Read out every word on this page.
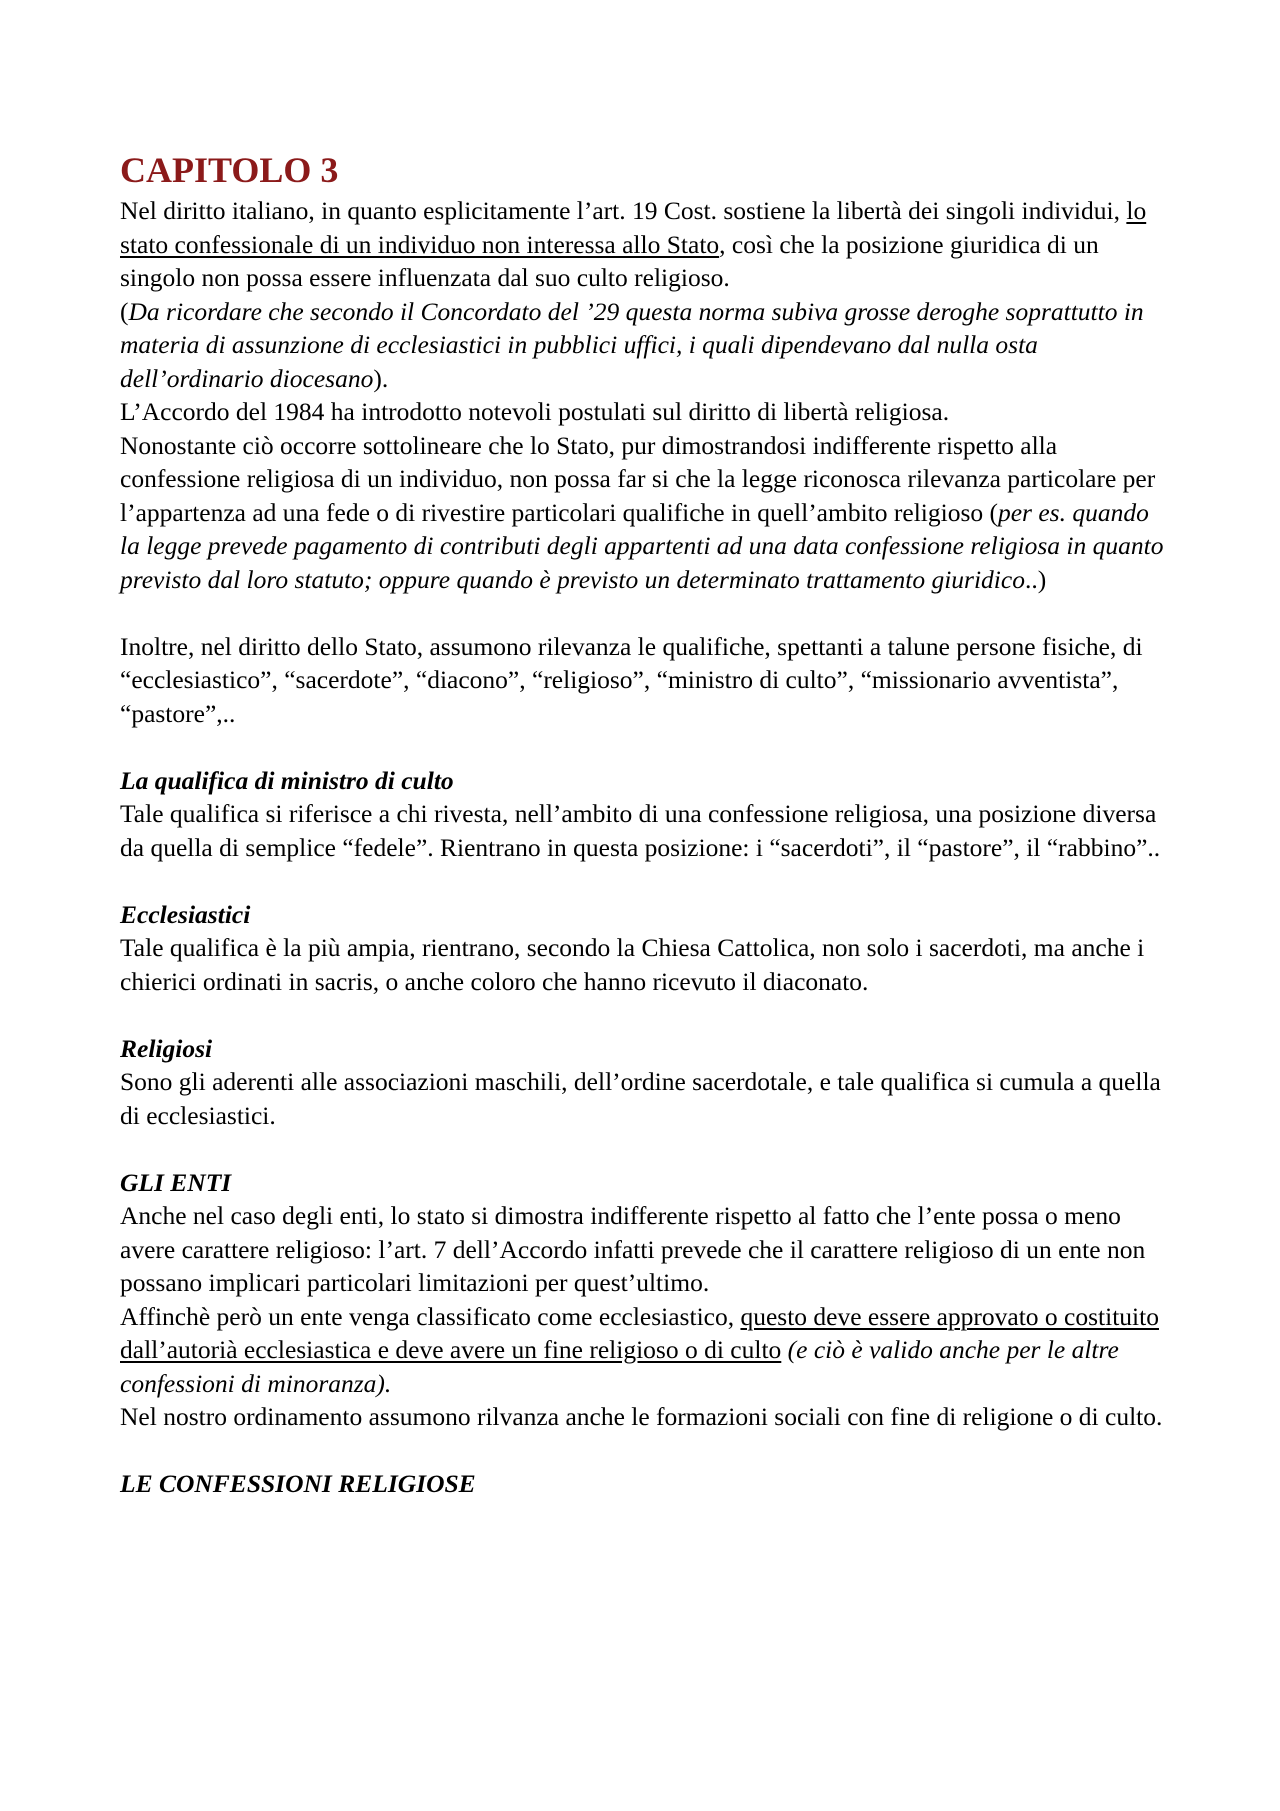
CAPITOLO 3

Nel diritto italiano, in quanto esplicitamente l’art. 19 Cost. sostiene la libertà dei singoli individui, lo stato confessionale di un individuo non interessa allo Stato, così che la posizione giuridica di un singolo non possa essere influenzata dal suo culto religioso.

(Da ricordare che secondo il Concordato del ’29 questa norma subiva grosse deroghe soprattutto in materia di assunzione di ecclesiastici in pubblici uffici, i quali dipendevano dal nulla osta dell’ordinario diocesano).

L’Accordo del 1984 ha introdotto notevoli postulati sul diritto di libertà religiosa.

Nonostante ciò occorre sottolineare che lo Stato, pur dimostrandosi indifferente rispetto alla confessione religiosa di un individuo, non possa far si che la legge riconosca rilevanza particolare per l’appartenza ad una fede o di rivestire particolari qualifiche in quell’ambito religioso (per es. quando la legge prevede pagamento di contributi degli appartenti ad una data confessione religiosa in quanto previsto dal loro statuto; oppure quando è previsto un determinato trattamento giuridico..)

Inoltre, nel diritto dello Stato, assumono rilevanza le qualifiche, spettanti a talune persone fisiche, di “ecclesiastico”, “sacerdote”, “diacono”, “religioso”, “ministro di culto”, “missionario avventista”, “pastore”,..

La qualifica di ministro di culto

Tale qualifica si riferisce a chi rivesta, nell’ambito di una confessione religiosa, una posizione diversa da quella di semplice “fedele”. Rientrano in questa posizione: i “sacerdoti”, il “pastore”, il “rabbino”..

Ecclesiastici

Tale qualifica è la più ampia, rientrano, secondo la Chiesa Cattolica, non solo i sacerdoti, ma anche i chierici ordinati in sacris, o anche coloro che hanno ricevuto il diaconato.

Religiosi

Sono gli aderenti alle associazioni maschili, dell’ordine sacerdotale, e tale qualifica si cumula a quella di ecclesiastici.

GLI ENTI

Anche nel caso degli enti, lo stato si dimostra indifferente rispetto al fatto che l’ente possa o meno avere carattere religioso: l’art. 7 dell’Accordo infatti prevede che il carattere religioso di un ente non possano implicari particolari limitazioni per quest’ultimo.

Affinchè però un ente venga classificato come ecclesiastico, questo deve essere approvato o costituito dall’autorià ecclesiastica e deve avere un fine religioso o di culto (e ciò è valido anche per le altre confessioni di minoranza).

Nel nostro ordinamento assumono rilvanza anche le formazioni sociali con fine di religione o di culto.

LE CONFESSIONI RELIGIOSE
